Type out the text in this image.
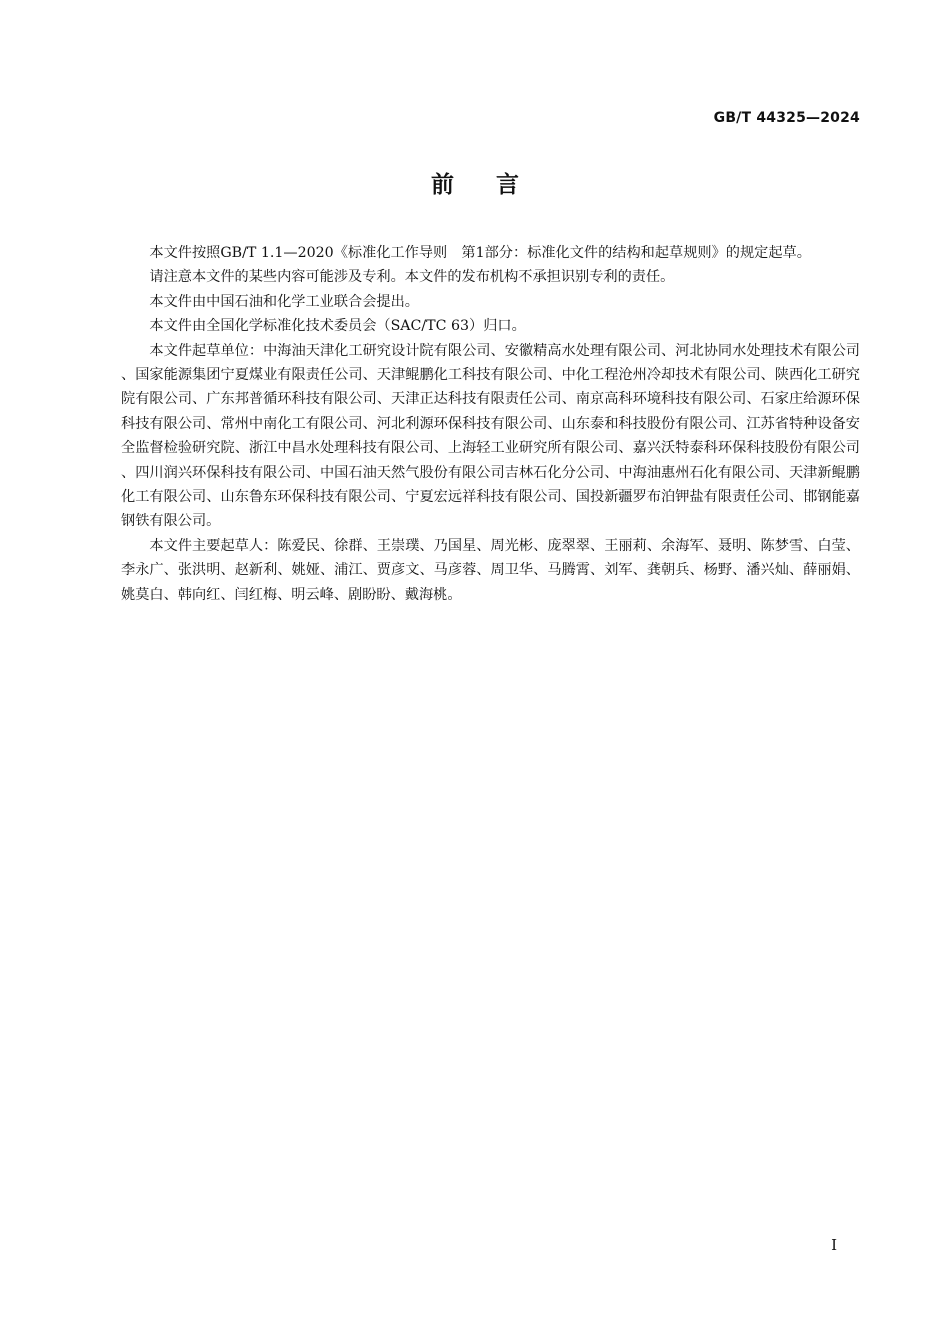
GB/T 44325—2024
前言

本文件按照GB/T 1.1—2020《标准化工作导则　第1部分：标准化文件的结构和起草规则》的规定起草。

请注意本文件的某些内容可能涉及专利。本文件的发布机构不承担识别专利的责任。

本文件由中国石油和化学工业联合会提出。

本文件由全国化学标准化技术委员会（SAC/TC 63）归口。

本文件起草单位：中海油天津化工研究设计院有限公司、安徽精高水处理有限公司、河北协同水处理技术有限公司、国家能源集团宁夏煤业有限责任公司、天津鲲鹏化工科技有限公司、中化工程沧州冷却技术有限公司、陕西化工研究院有限公司、广东邦普循环科技有限公司、天津正达科技有限责任公司、南京高科环境科技有限公司、石家庄给源环保科技有限公司、常州中南化工有限公司、河北利源环保科技有限公司、山东泰和科技股份有限公司、江苏省特种设备安全监督检验研究院、浙江中昌水处理科技有限公司、上海轻工业研究所有限公司、嘉兴沃特泰科环保科技股份有限公司、四川润兴环保科技有限公司、中国石油天然气股份有限公司吉林石化分公司、中海油惠州石化有限公司、天津新鲲鹏化工有限公司、山东鲁东环保科技有限公司、宁夏宏远祥科技有限公司、国投新疆罗布泊钾盐有限责任公司、邯钢能嘉钢铁有限公司。

本文件主要起草人：陈爱民、徐群、王崇璞、乃国星、周光彬、庞翠翠、王丽莉、余海军、聂明、陈梦雪、白莹、李永广、张洪明、赵新利、姚娅、浦江、贾彦文、马彦蓉、周卫华、马腾霄、刘军、龚朝兵、杨野、潘兴灿、薛丽娟、姚莫白、韩向红、闫红梅、明云峰、剧盼盼、戴海桃。

I
